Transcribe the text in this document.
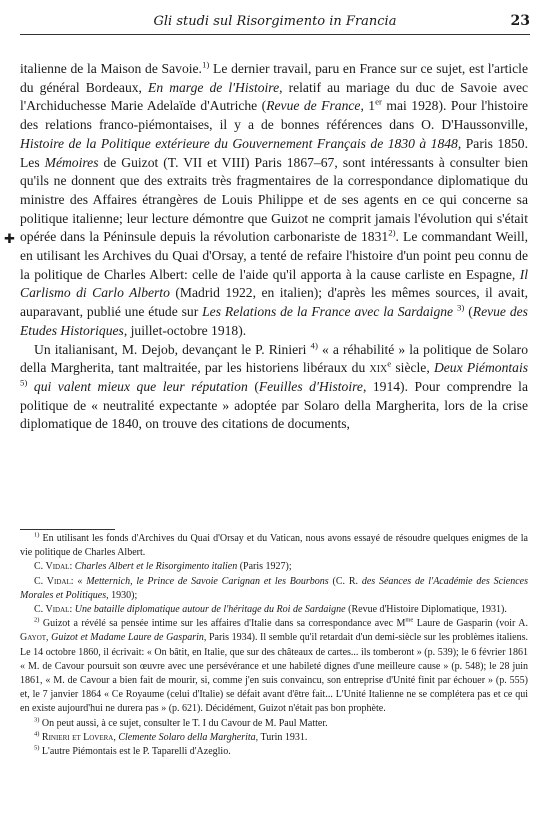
Gli studi sul Risorgimento in Francia	23
✚

italienne de la Maison de Savoie.$^{1)}$ Le dernier travail, paru en France sur ce sujet, est l'article du général Bordeaux, En marge de l'Histoire, relatif au mariage du duc de Savoie avec l'Archiduchesse Marie Adelaïde d'Autriche (Revue de France, 1er mai 1928). Pour l'histoire des relations franco-piémontaises, il y a de bonnes références dans O. D'Haussonville, Histoire de la Politique extérieure du Gouvernement Français de 1830 à 1848, Paris 1850. Les Mémoires de Guizot (T. VII et VIII) Paris 1867–67, sont intéressants à consulter bien qu'ils ne donnent que des extraits très fragmentaires de la correspondance diplomatique du ministre des Affaires étrangères de Louis Philippe et de ses agents en ce qui concerne sa politique italienne; leur lecture démontre que Guizot ne comprit jamais l'évolution qui s'était opérée dans la Péninsule depuis la révolution carbonariste de 1831$^{2)}$. Le commandant Weill, en utilisant les Archives du Quai d'Orsay, a tenté de refaire l'histoire d'un point peu connu de la politique de Charles Albert: celle de l'aide qu'il apporta à la cause carliste en Espagne, Il Carlismo di Carlo Alberto (Madrid 1922, en italien); d'après les mêmes sources, il avait, auparavant, publié une étude sur Les Relations de la France avec la Sardaigne $^{3)}$ (Revue des Etudes Historiques, juillet-octobre 1918).

Un italianisant, M. Dejob, devançant le P. Rinieri $^{4)}$ « a réhabilité » la politique de Solaro della Margherita, tant maltraitée, par les historiens libéraux du xix$^e$ siècle, Deux Piémontais $^{5)}$ qui valent mieux que leur réputation (Feuilles d'Histoire, 1914). Pour comprendre la politique de « neutralité expectante » adoptée par Solaro della Margherita, lors de la crise diplomatique de 1840, on trouve des citations de documents,

$^{1)}$ En utilisant les fonds d'Archives du Quai d'Orsay et du Vatican, nous avons essayé de résoudre quelques enigmes de la vie politique de Charles Albert.

C. Vidal: Charles Albert et le Risorgimento italien (Paris 1927);

C. Vidal: « Metternich, le Prince de Savoie Carignan et les Bourbons (C. R. des Séances de l'Académie des Sciences Morales et Politiques, 1930);

C. Vidal: Une bataille diplomatique autour de l'héritage du Roi de Sardaigne (Revue d'Histoire Diplomatique, 1931).

$^{2)}$ Guizot a révélé sa pensée intime sur les affaires d'Italie dans sa correspondance avec $M^{me}$ Laure de Gasparin (voir A. Gayot, Guizot et Madame Laure de Gasparin, Paris 1934). Il semble qu'il retardait d'un demi-siècle sur les problèmes italiens. Le 14 octobre 1860, il écrivait: « On bâtit, en Italie, que sur des châteaux de cartes... ils tomberont » (p. 539); le 6 février 1861 « M. de Cavour poursuit son œuvre avec une persévérance et une habileté dignes d'une meilleure cause » (p. 548); le 28 juin 1861, « M. de Cavour a bien fait de mourir, si, comme j'en suis convaincu, son entreprise d'Unité finit par échouer » (p. 555) et, le 7 janvier 1864 « Ce Royaume (celui d'Italie) se défait avant d'être fait... L'Unité Italienne ne se complétera pas et ce qui en existe aujourd'hui ne durera pas » (p. 621). Décidément, Guizot n'était pas bon prophète.

$^{3)}$ On peut aussi, à ce sujet, consulter le T. I du Cavour de M. Paul Matter.

$^{4)}$ Rinieri et Lovera, Clemente Solaro della Margherita, Turin 1931.

$^{5)}$ L'autre Piémontais est le P. Taparelli d'Azeglio.
